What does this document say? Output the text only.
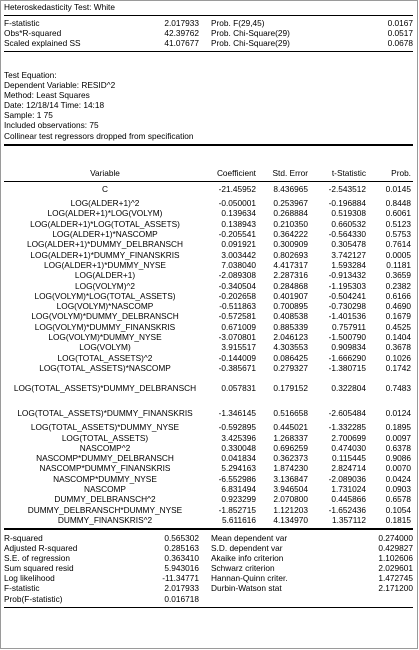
Heteroskedasticity Test: White
	F-statistic	2.017933		Prob. F(29,45)	0.0167	
	Obs*R-squared	42.39762		Prob. Chi-Square(29)	0.0517	
	Scaled explained SS	41.07677		Prob. Chi-Square(29)	0.0678	
Test Equation:
Dependent Variable: RESID^2
Method: Least Squares
Date: 12/18/14 Time: 14:18
Sample: 1 75
Included observations: 75
Collinear test regressors dropped from specification
	Variable	Coefficient	Std. Error	t-Statistic	Prob.	
	C	-21.45952	8.436965	-2.543512	0.0145	
	LOG(ALDER+1)^2	-0.050001	0.253967	-0.196884	0.8448	
	LOG(ALDER+1)*LOG(VOLYM)	0.139634	0.268884	0.519308	0.6061	
	LOG(ALDER+1)*LOG(TOTAL_ASSETS)	0.138943	0.210350	0.660532	0.5123	
	LOG(ALDER+1)*NASCOMP	-0.205541	0.364222	-0.564330	0.5753	
	LOG(ALDER+1)*DUMMY_DELBRANSCH	0.091921	0.300909	0.305478	0.7614	
	LOG(ALDER+1)*DUMMY_FINANSKRIS	3.003442	0.802693	3.742127	0.0005	
	LOG(ALDER+1)*DUMMY_NYSE	7.038040	4.417317	1.593284	0.1181	
	LOG(ALDER+1)	-2.089308	2.287316	-0.913432	0.3659	
	LOG(VOLYM)^2	-0.340504	0.284868	-1.195303	0.2382	
	LOG(VOLYM)*LOG(TOTAL_ASSETS)	-0.202658	0.401907	-0.504241	0.6166	
	LOG(VOLYM)*NASCOMP	-0.511863	0.700895	-0.730298	0.4690	
	LOG(VOLYM)*DUMMY_DELBRANSCH	-0.572581	0.408538	-1.401536	0.1679	
	LOG(VOLYM)*DUMMY_FINANSKRIS	0.671009	0.885339	0.757911	0.4525	
	LOG(VOLYM)*DUMMY_NYSE	-3.070801	2.046123	-1.500790	0.1404	
	LOG(VOLYM)	3.915517	4.303553	0.909834	0.3678	
	LOG(TOTAL_ASSETS)^2	-0.144009	0.086425	-1.666290	0.1026	
	LOG(TOTAL_ASSETS)*NASCOMP	-0.385671	0.279327	-1.380715	0.1742	
	LOG(TOTAL_ASSETS)*DUMMY_DELBRANSCH	0.057831	0.179152	0.322804	0.7483	
	LOG(TOTAL_ASSETS)*DUMMY_FINANSKRIS	-1.346145	0.516658	-2.605484	0.0124	
	LOG(TOTAL_ASSETS)*DUMMY_NYSE	-0.592895	0.445021	-1.332285	0.1895	
	LOG(TOTAL_ASSETS)	3.425396	1.268337	2.700699	0.0097	
	NASCOMP^2	0.330048	0.696259	0.474030	0.6378	
	NASCOMP*DUMMY_DELBRANSCH	0.041834	0.362373	0.115445	0.9086	
	NASCOMP*DUMMY_FINANSKRIS	5.294163	1.874230	2.824714	0.0070	
	NASCOMP*DUMMY_NYSE	-6.552986	3.136847	-2.089036	0.0424	
	NASCOMP	6.831494	3.946504	1.731024	0.0903	
	DUMMY_DELBRANSCH^2	0.923299	2.070800	0.445866	0.6578	
	DUMMY_DELBRANSCH*DUMMY_NYSE	-1.852715	1.121203	-1.652436	0.1054	
	DUMMY_FINANSKRIS^2	5.611616	4.134970	1.357112	0.1815	
	R-squared	0.565302		Mean dependent var	0.274000	
	Adjusted R-squared	0.285163		S.D. dependent var	0.429827	
	S.E. of regression	0.363410		Akaike info criterion	1.102606	
	Sum squared resid	5.943016		Schwarz criterion	2.029601	
	Log likelihood	-11.34771		Hannan-Quinn criter.	1.472745	
	F-statistic	2.017933		Durbin-Watson stat	2.171200	
	Prob(F-statistic)	0.016718				
